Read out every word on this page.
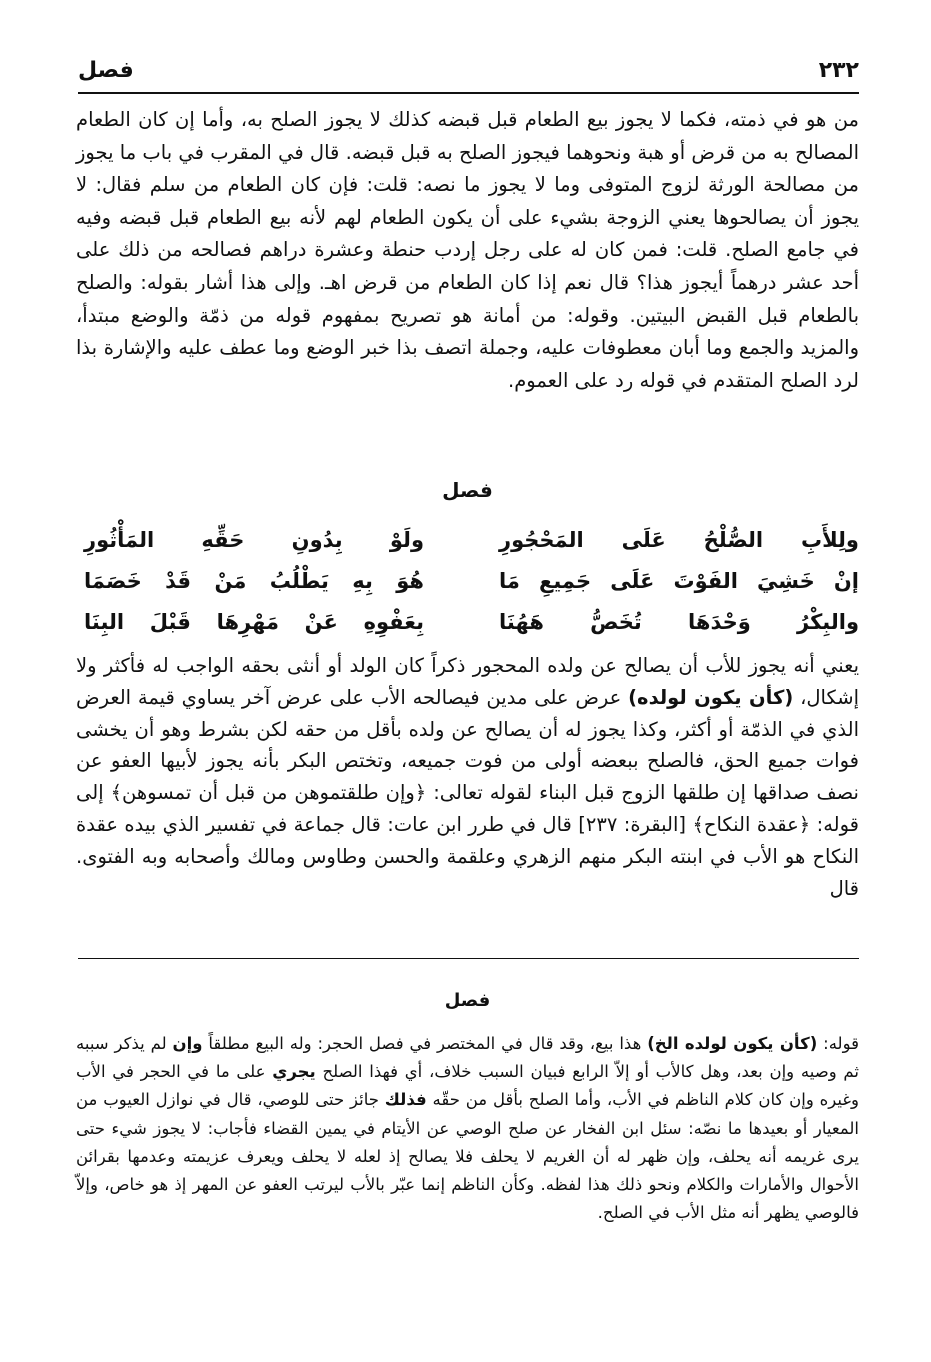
٢٣٢
فصل

من هو في ذمته، فكما لا يجوز بيع الطعام قبل قبضه كذلك لا يجوز الصلح به، وأما إن كان الطعام المصالح به من قرض أو هبة ونحوهما فيجوز الصلح به قبل قبضه. قال في المقرب في باب ما يجوز من مصالحة الورثة لزوج المتوفى وما لا يجوز ما نصه: قلت: فإن كان الطعام من سلم فقال: لا يجوز أن يصالحوها يعني الزوجة بشيء على أن يكون الطعام لهم لأنه بيع الطعام قبل قبضه وفيه في جامع الصلح. قلت: فمن كان له على رجل إردب حنطة وعشرة دراهم فصالحه من ذلك على أحد عشر درهماً أيجوز هذا؟ قال نعم إذا كان الطعام من قرض اهـ. وإلى هذا أشار بقوله: والصلح بالطعام قبل القبض البيتين. وقوله: من أمانة هو تصريح بمفهوم قوله من ذمّة والوضع مبتدأ، والمزيد والجمع وما أبان معطوفات عليه، وجملة اتصف بذا خبر الوضع وما عطف عليه والإشارة بذا لرد الصلح المتقدم في قوله رد على العموم.

فصل
ولِلأَبِ الصُّلْحُ عَلَى المَحْجُورِ
ولَوْ بِدُونِ حَقِّهِ المَأْثُورِ
إنْ خَشِيَ الفَوْتَ عَلَى جَمِيعِ مَا
هُوَ بِهِ يَطْلُبُ مَنْ قَدْ خَصَمَا
والبِكْرُ وَحْدَهَا تُخَصُّ هَهُنَا
بِعَفْوِهِ عَنْ مَهْرِهَا قَبْلَ البِنَا

يعني أنه يجوز للأب أن يصالح عن ولده المحجور ذكراً كان الولد أو أنثى بحقه الواجب له فأكثر ولا إشكال، (كأن يكون لولده) عرض على مدين فيصالحه الأب على عرض آخر يساوي قيمة العرض الذي في الذمّة أو أكثر، وكذا يجوز له أن يصالح عن ولده بأقل من حقه لكن بشرط وهو أن يخشى فوات جميع الحق، فالصلح ببعضه أولى من فوت جميعه، وتختص البكر بأنه يجوز لأبيها العفو عن نصف صداقها إن طلقها الزوج قبل البناء لقوله تعالى: ﴿وإن طلقتموهن من قبل أن تمسوهن﴾ إلى قوله: ﴿عقدة النكاح﴾ [البقرة: ٢٣٧] قال في طرر ابن عات: قال جماعة في تفسير الذي بيده عقدة النكاح هو الأب في ابنته البكر منهم الزهري وعلقمة والحسن وطاوس ومالك وأصحابه وبه الفتوى. قال

فصل

قوله: (كأن يكون لولده الخ) هذا بيع، وقد قال في المختصر في فصل الحجر: وله البيع مطلقاً وإن لم يذكر سببه ثم وصيه وإن بعد، وهل كالأب أو إلاّ الرابع فبيان السبب خلاف، أي فهذا الصلح يجري على ما في الحجر في الأب وغيره وإن كان كلام الناظم في الأب، وأما الصلح بأقل من حقّه فذلك جائز حتى للوصي، قال في نوازل العيوب من المعيار أو بعيدها ما نصّه: سئل ابن الفخار عن صلح الوصي عن الأيتام في يمين القضاء فأجاب: لا يجوز شيء حتى يرى غريمه أنه يحلف، وإن ظهر له أن الغريم لا يحلف فلا يصالح إذ لعله لا يحلف ويعرف عزيمته وعدمها بقرائن الأحوال والأمارات والكلام ونحو ذلك هذا لفظه. وكأن الناظم إنما عبّر بالأب ليرتب العفو عن المهر إذ هو خاص، وإلاّ فالوصي يظهر أنه مثل الأب في الصلح.
